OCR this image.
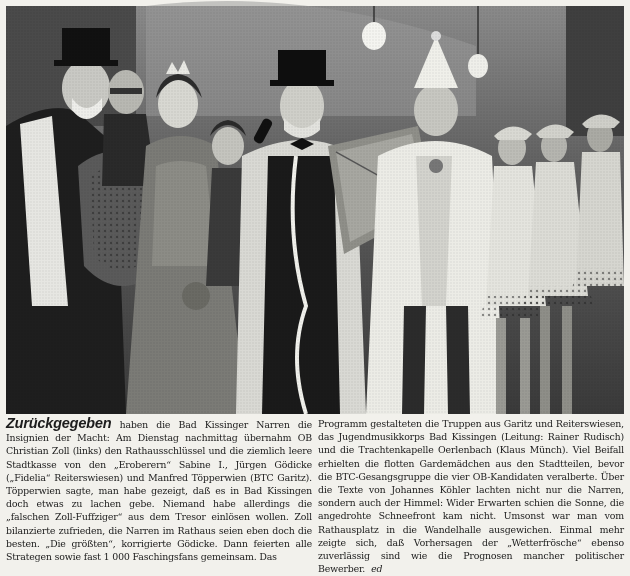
Zurückgegeben haben die Bad Kissinger Narren die Insignien der Macht: Am Dienstag nachmittag übernahm OB Christian Zoll (links) den Rathausschlüssel und die ziemlich leere Stadtkasse von den „Eroberern“ Sabine I., Jürgen Gödicke („Fidelia“ Reiterswiesen) und Manfred Töpperwien (BTC Garitz). Töpperwien sagte, man habe gezeigt, daß es in Bad Kissingen doch etwas zu lachen gebe. Niemand habe allerdings die „falschen Zoll-Fuffziger“ aus dem Tresor einlösen wollen. Zoll bilanzierte zufrieden, die Narren im Rathaus seien eben doch die besten. „Die größten“, korrigierte Gödicke. Dann feierten alle Strategen sowie fast 1 000 Faschingsfans gemeinsam. Das

Programm gestalteten die Truppen aus Garitz und Reiterswiesen, das Jugendmusikkorps Bad Kissingen (Leitung: Rainer Rudisch) und die Trachtenkapelle Oerlenbach (Klaus Münch). Viel Beifall erhielten die flotten Gardemädchen aus den Stadtteilen, bevor die BTC-Gesangsgruppe die vier OB-Kandidaten veralberte. Über die Texte von Johannes Köhler lachten nicht nur die Narren, sondern auch der Himmel: Wider Erwarten schien die Sonne, die angedrohte Schneefront kam nicht. Umsonst war man vom Rathausplatz in die Wandelhalle ausgewichen. Einmal mehr zeigte sich, daß Vorhersagen der „Wetterfrösche“ ebenso zuverlässig sind wie die Prognosen mancher politischer Bewerber. ed
